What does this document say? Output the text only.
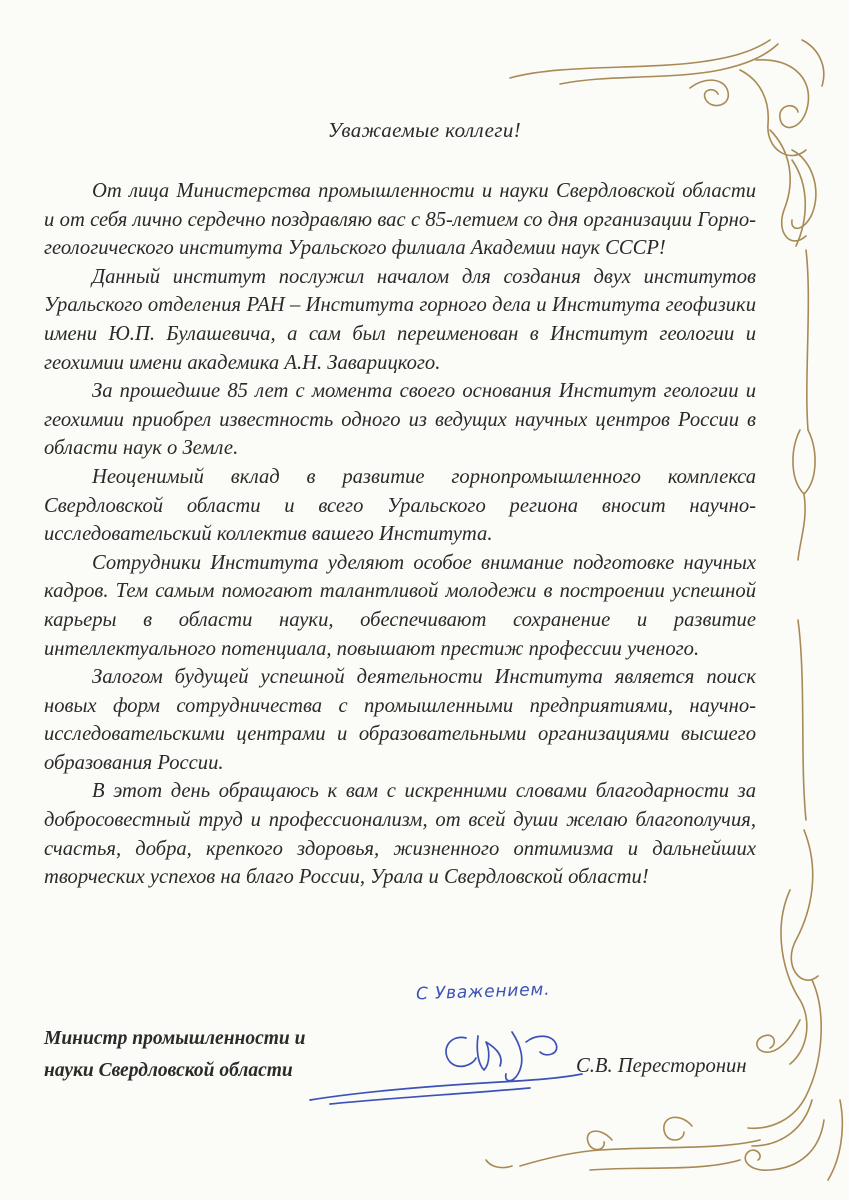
Уважаемые коллеги!

От лица Министерства промышленности и науки Свердловской области и от себя лично сердечно поздравляю вас с 85-летием со дня организации Горно-геологического института Уральского филиала Академии наук СССР!

Данный институт послужил началом для создания двух институтов Уральского отделения РАН – Института горного дела и Института геофизики имени Ю.П. Булашевича, а сам был переименован в Институт геологии и геохимии имени академика А.Н. Заварицкого.

За прошедшие 85 лет с момента своего основания Институт геологии и геохимии приобрел известность одного из ведущих научных центров России в области наук о Земле.

Неоценимый вклад в развитие горнопромышленного комплекса Свердловской области и всего Уральского региона вносит научно-исследовательский коллектив вашего Института.

Сотрудники Института уделяют особое внимание подготовке научных кадров. Тем самым помогают талантливой молодежи в построении успешной карьеры в области науки, обеспечивают сохранение и развитие интеллектуального потенциала, повышают престиж профессии ученого.

Залогом будущей успешной деятельности Института является поиск новых форм сотрудничества с промышленными предприятиями, научно-исследовательскими центрами и образовательными организациями высшего образования России.

В этот день обращаюсь к вам с искренними словами благодарности за добросовестный труд и профессионализм, от всей души желаю благополучия, счастья, добра, крепкого здоровья, жизненного оптимизма и дальнейших творческих успехов на благо России, Урала и Свердловской области!

С Уважением.
Министр промышленности и
науки Свердловской области	С.В. Пересторонин
